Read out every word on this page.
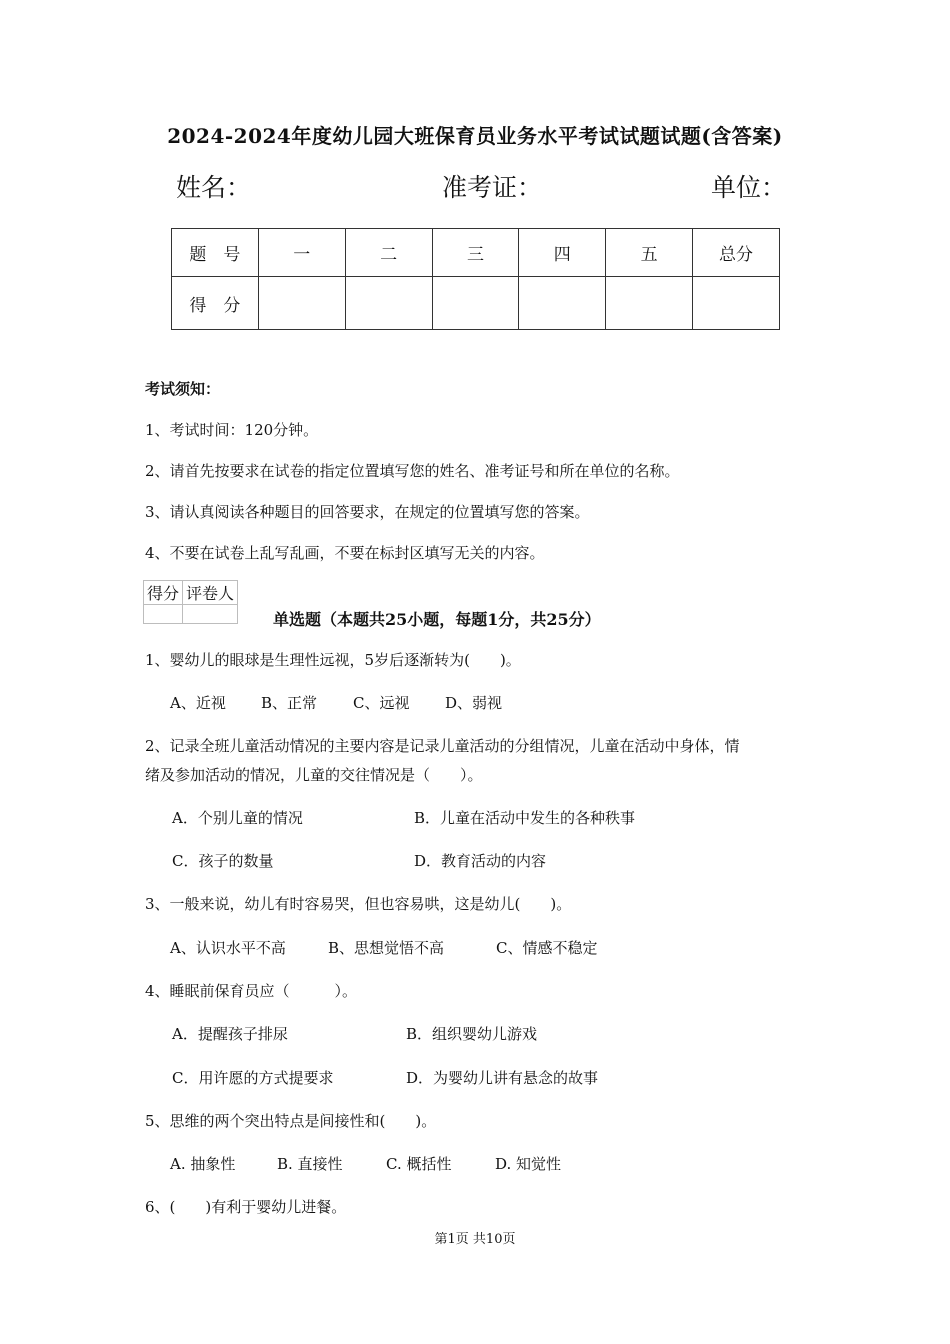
2024-2024年度幼儿园大班保育员业务水平考试试题试题(含答案)
姓名：	准考证：	单位：
题　号	一	二	三	四	五	总分
得　分						
考试须知：
1、考试时间：120分钟。
2、请首先按要求在试卷的指定位置填写您的姓名、准考证号和所在单位的名称。
3、请认真阅读各种题目的回答要求，在规定的位置填写您的答案。
4、不要在试卷上乱写乱画，不要在标封区填写无关的内容。
得分	评卷人

单选题（本题共25小题，每题1分，共25分）
1、婴幼儿的眼球是生理性远视，5岁后逐渐转为(　　)。
A、近视 B、正常 C、远视 D、弱视
2、记录全班儿童活动情况的主要内容是记录儿童活动的分组情况，儿童在活动中身体，情
绪及参加活动的情况，儿童的交往情况是（　　）。
A．个别儿童的情况	B．儿童在活动中发生的各种秩事
C．孩子的数量	D．教育活动的内容
3、一般来说，幼儿有时容易哭，但也容易哄，这是幼儿(　　)。
A、认识水平不高	B、思想觉悟不高	C、情感不稳定
4、睡眠前保育员应（　　　）。
A．提醒孩子排尿	B．组织婴幼儿游戏
C．用许愿的方式提要求	D．为婴幼儿讲有悬念的故事
5、思维的两个突出特点是间接性和(　　)。
A. 抽象性	B. 直接性	C. 概括性	D. 知觉性
6、(　　)有利于婴幼儿进餐。
第1页 共10页
